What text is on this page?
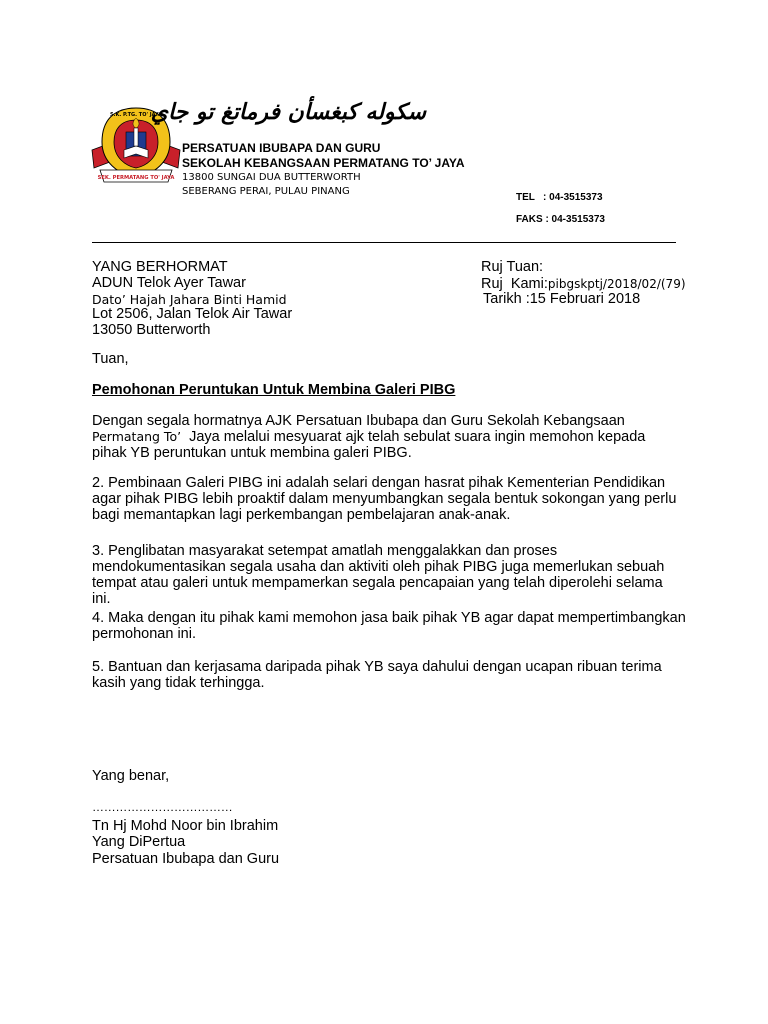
SEK. PERMATANG TO' JAYA
S.K. P.TG. TO' JAYA
سكوله كبغسأن فرماتغ تو جاي
PERSATUAN IBUBAPA DAN GURU
SEKOLAH KEBANGSAAN PERMATANG TO’ JAYA
13800 SUNGAI DUA BUTTERWORTH
SEBERANG PERAI, PULAU PINANG
TEL   : 04-3515373
FAKS : 04-3515373
YANG BERHORMAT
ADUN Telok Ayer Tawar
Dato’ Hajah Jahara Binti Hamid
Lot 2506, Jalan Telok Air Tawar
13050 Butterworth
Ruj Tuan:
Ruj  Kami:pibgskptj/2018/02/(79)
Tarikh :15 Februari 2018
Tuan,
Pemohonan Peruntukan Untuk Membina Galeri PIBG
Dengan segala hormatnya AJK Persatuan Ibubapa dan Guru Sekolah Kebangsaan
Permatang To’  Jaya melalui mesyuarat ajk telah sebulat suara ingin memohon kepada
pihak YB peruntukan untuk membina galeri PIBG.
2. Pembinaan Galeri PIBG ini adalah selari dengan hasrat pihak Kementerian Pendidikan agar pihak PIBG lebih proaktif dalam menyumbangkan segala bentuk sokongan yang perlu bagi memantapkan lagi perkembangan pembelajaran anak-anak.
3. Penglibatan masyarakat setempat amatlah menggalakkan dan proses mendokumentasikan segala usaha dan aktiviti oleh pihak PIBG juga memerlukan sebuah tempat atau galeri untuk mempamerkan segala pencapaian yang telah diperolehi selama ini.
4. Maka dengan itu pihak kami memohon jasa baik pihak YB agar dapat mempertimbangkan permohonan ini.
5. Bantuan dan kerjasama daripada pihak YB saya dahului dengan ucapan ribuan terima kasih yang tidak terhingga.
Yang benar,
………………………………
Tn Hj Mohd Noor bin Ibrahim
Yang DiPertua
Persatuan Ibubapa dan Guru
